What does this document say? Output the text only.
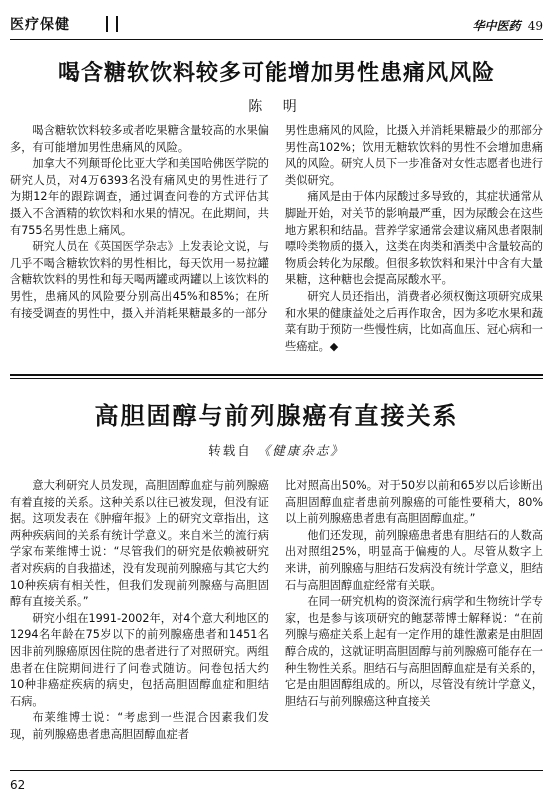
医疗保健	华中医药 49
喝含糖软饮料较多可能增加男性患痛风风险
陈 明

喝含糖软饮料较多或者吃果糖含量较高的水果偏多，有可能增加男性患痛风的风险。

加拿大不列颠哥伦比亚大学和美国哈佛医学院的研究人员，对4万6393名没有痛风史的男性进行了为期12年的跟踪调查，通过调查问卷的方式评估其摄入不含酒精的软饮料和水果的情况。在此期间，共有755名男性患上痛风。

研究人员在《英国医学杂志》上发表论文说，与几乎不喝含糖软饮料的男性相比，每天饮用一易拉罐含糖软饮料的男性和每天喝两罐或两罐以上该饮料的男性，患痛风的风险要分别高出45%和85%；在所有接受调查的男性中，摄入并消耗果糖最多的一部分

男性患痛风的风险，比摄入并消耗果糖最少的那部分男性高102%；饮用无糖软饮料的男性不会增加患痛风的风险。研究人员下一步准备对女性志愿者也进行类似研究。

痛风是由于体内尿酸过多导致的，其症状通常从脚趾开始，对关节的影响最严重，因为尿酸会在这些地方累积和结晶。营养学家通常会建议痛风患者限制嘌呤类物质的摄入，这类在肉类和酒类中含量较高的物质会转化为尿酸。但很多软饮料和果汁中含有大量果糖，这种糖也会提高尿酸水平。

研究人员还指出，消费者必须权衡这项研究成果和水果的健康益处之后再作取舍，因为多吃水果和蔬菜有助于预防一些慢性病，比如高血压、冠心病和一些癌症。◆

高胆固醇与前列腺癌有直接关系
转载自 《健康杂志》

意大利研究人员发现，高胆固醇血症与前列腺癌有着直接的关系。这种关系以往已被发现，但没有证据。这项发表在《肿瘤年报》上的研究文章指出，这两种疾病间的关系有统计学意义。来自米兰的流行病学家布莱维博士说：“尽管我们的研究是依赖被研究者对疾病的自我描述，没有发现前列腺癌与其它大约10种疾病有相关性，但我们发现前列腺癌与高胆固醇有直接关系。”

研究小组在1991-2002年，对4个意大利地区的1294名年龄在75岁以下的前列腺癌患者和1451名因非前列腺癌原因住院的患者进行了对照研究。两组患者在住院期间进行了问卷式随访。问卷包括大约10种非癌症疾病的病史，包括高胆固醇血症和胆结石病。

布莱维博士说：“考虑到一些混合因素我们发现，前列腺癌患者患高胆固醇血症者

比对照高出50%。对于50岁以前和65岁以后诊断出高胆固醇血症者患前列腺癌的可能性要稍大，80%以上前列腺癌患者患有高胆固醇血症。”

他们还发现，前列腺癌患者患有胆结石的人数高出对照组25%，明显高于偏瘦的人。尽管从数字上来讲，前列腺癌与胆结石发病没有统计学意义，胆结石与高胆固醇血症经常有关联。

在同一研究机构的资深流行病学和生物统计学专家，也是参与该项研究的鲍瑟蒂博士解释说：“在前列腺与癌症关系上起有一定作用的雄性激素是由胆固醇合成的，这就证明高胆固醇与前列腺癌可能存在一种生物性关系。胆结石与高胆固醇血症是有关系的，它是由胆固醇组成的。所以，尽管没有统计学意义，胆结石与前列腺癌这种直接关

62
